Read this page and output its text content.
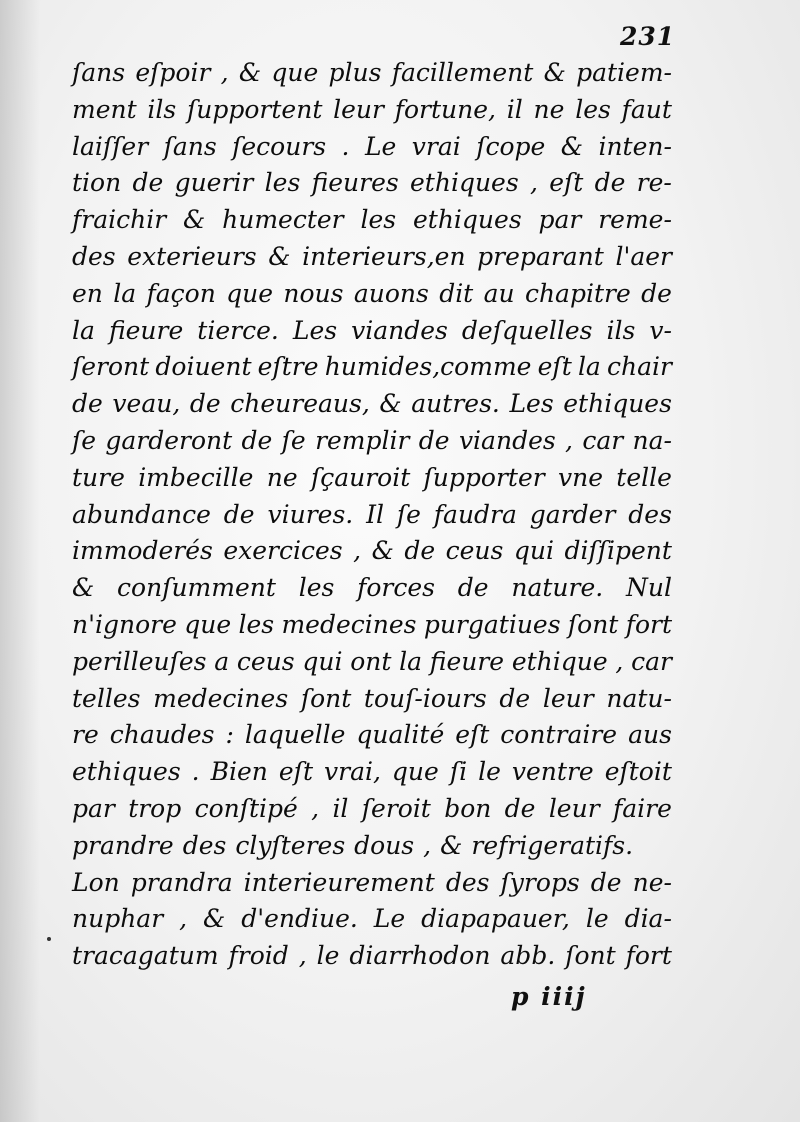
231
ſans eſpoir , & que plus facillement & patiem-
ment ils ſupportent leur fortune, il ne les faut
laiſſer ſans ſecours . Le vrai ſcope & inten-
tion de guerir les fieures ethiques , eſt de re-
fraichir & humecter les ethiques par reme-
des exterieurs & interieurs,en preparant l'aer
en la façon que nous auons dit au chapitre de
la fieure tierce. Les viandes deſquelles ils v-
ſeront doiuent eſtre humides,comme eſt la chair
de veau, de cheureaus, & autres. Les ethiques
ſe garderont de ſe remplir de viandes , car na-
ture imbecille ne ſçauroit ſupporter vne telle
abundance de viures. Il ſe faudra garder des
immoderés exercices , & de ceus qui diſſipent
& conſumment les forces de nature. Nul
n'ignore que les medecines purgatiues ſont fort
perilleuſes a ceus qui ont la fieure ethique , car
telles medecines ſont touſ-iours de leur natu-
re chaudes : laquelle qualité eſt contraire aus
ethiques . Bien eſt vrai, que ſi le ventre eſtoit
par trop conſtipé , il ſeroit bon de leur faire
prandre des clyſteres dous , & refrigeratifs.
Lon prandra interieurement des ſyrops de ne-
nuphar , & d'endiue. Le diapapauer, le dia-
tracagatum froid , le diarrhodon abb. ſont fort
p iiij
